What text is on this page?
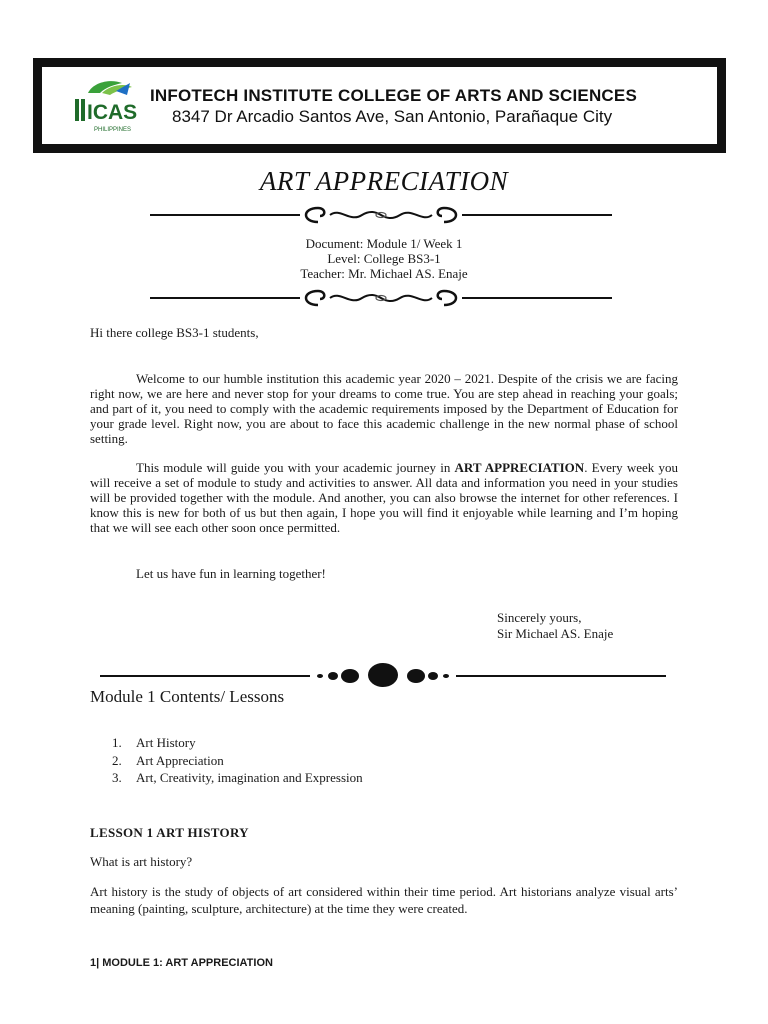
ICAS
PHILIPPINES
INFOTECH INSTITUTE COLLEGE OF ARTS AND SCIENCES
8347 Dr Arcadio Santos Ave, San Antonio, Parañaque City
ART APPRECIATION
Document: Module 1/ Week 1
Level: College BS3-1
Teacher: Mr. Michael AS. Enaje
Hi there college BS3-1 students,
Welcome to our humble institution this academic year 2020 – 2021. Despite of the crisis we are facing right now, we are here and never stop for your dreams to come true. You are step ahead in reaching your goals; and part of it, you need to comply with the academic requirements imposed by the Department of Education for your grade level. Right now, you are about to face this academic challenge in the new normal phase of school setting.
This module will guide you with your academic journey in ART APPRECIATION. Every week you will receive a set of module to study and activities to answer. All data and information you need in your studies will be provided together with the module. And another, you can also browse the internet for other references. I know this is new for both of us but then again, I hope you will find it enjoyable while learning and I’m hoping that we will see each other soon once permitted.
Let us have fun in learning together!
Sincerely yours,
Sir Michael AS. Enaje
Module 1 Contents/ Lessons
1.	Art History
2.	Art Appreciation
3.	Art, Creativity, imagination and Expression
LESSON 1 ART HISTORY
What is art history?
Art history is the study of objects of art considered within their time period. Art historians analyze visual arts’ meaning (painting, sculpture, architecture) at the time they were created.
1| MODULE 1: ART APPRECIATION
